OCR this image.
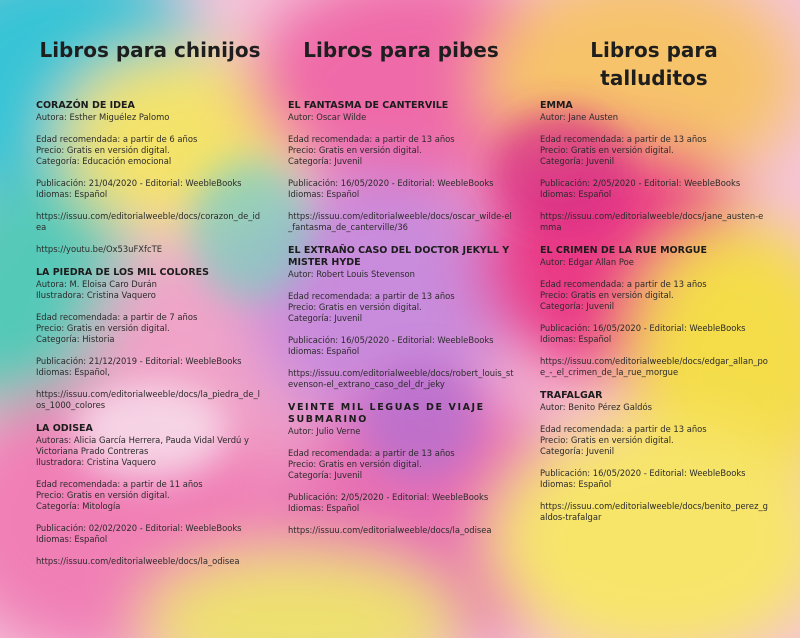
Libros para chinijos
CORAZÓN DE IDEA
Autora: Esther Miguélez Palomo
Edad recomendada: a partir de 6 años
Precio: Gratis en versión digital.
Categoría: Educación emocional
Publicación: 21/04/2020 - Editorial: WeebleBooks
Idiomas: Español
https://issuu.com/editorialweeble/docs/corazon_de_idea
https://youtu.be/Ox53uFXfcTE
LA PIEDRA DE LOS MIL COLORES
Autora: M. Eloisa Caro Durán
Ilustradora: Cristina Vaquero
Edad recomendada: a partir de 7 años
Precio: Gratis en versión digital.
Categoría: Historia
Publicación: 21/12/2019 - Editorial: WeebleBooks
Idiomas: Español,
https://issuu.com/editorialweeble/docs/la_piedra_de_los_1000_colores
LA ODISEA
Autoras: Alicia García Herrera, Pauda Vidal Verdú y Victoriana Prado Contreras
Ilustradora: Cristina Vaquero
Edad recomendada: a partir de 11 años
Precio: Gratis en versión digital.
Categoría: Mitología
Publicación: 02/02/2020 - Editorial: WeebleBooks
Idiomas: Español
https://issuu.com/editorialweeble/docs/la_odisea
Libros para pibes
EL FANTASMA DE CANTERVILE
Autor: Oscar Wilde
Edad recomendada: a partir de 13 años
Precio: Gratis en versión digital.
Categoría: Juvenil
Publicación: 16/05/2020 - Editorial: WeebleBooks
Idiomas: Español
https://issuu.com/editorialweeble/docs/oscar_wilde-el_fantasma_de_canterville/36
EL EXTRAÑO CASO DEL DOCTOR JEKYLL Y MISTER HYDE
Autor: Robert Louis Stevenson
Edad recomendada: a partir de 13 años
Precio: Gratis en versión digital.
Categoría: Juvenil
Publicación: 16/05/2020 - Editorial: WeebleBooks
Idiomas: Español
https://issuu.com/editorialweeble/docs/robert_louis_stevenson-el_extrano_caso_del_dr_jeky
VEINTE MIL LEGUAS DE VIAJE SUBMARINO
Autor: Julio Verne
Edad recomendada: a partir de 13 años
Precio: Gratis en versión digital.
Categoría: Juvenil
Publicación: 2/05/2020 - Editorial: WeebleBooks
Idiomas: Español
https://issuu.com/editorialweeble/docs/la_odisea
Libros para talluditos
EMMA
Autor: Jane Austen
Edad recomendada: a partir de 13 años
Precio: Gratis en versión digital.
Categoría: Juvenil
Publicación: 2/05/2020 - Editorial: WeebleBooks
Idiomas: Español
https://issuu.com/editorialweeble/docs/jane_austen-emma
EL CRIMEN DE LA RUE MORGUE
Autor: Edgar Allan Poe
Edad recomendada: a partir de 13 años
Precio: Gratis en versión digital.
Categoría: Juvenil
Publicación: 16/05/2020 - Editorial: WeebleBooks
Idiomas: Español
https://issuu.com/editorialweeble/docs/edgar_allan_poe_-_el_crimen_de_la_rue_morgue
TRAFALGAR
Autor: Benito Pérez Galdós
Edad recomendada: a partir de 13 años
Precio: Gratis en versión digital.
Categoría: Juvenil
Publicación: 16/05/2020 - Editorial: WeebleBooks
Idiomas: Español
https://issuu.com/editorialweeble/docs/benito_perez_galdos-trafalgar
